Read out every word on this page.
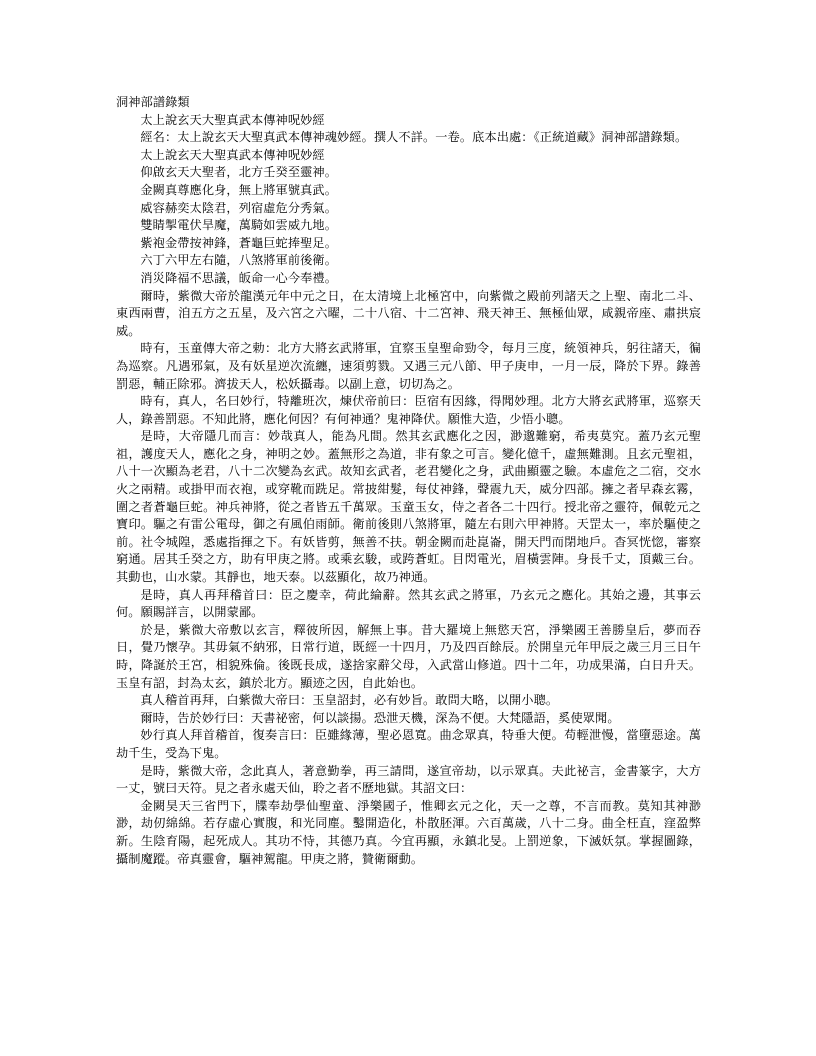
洞神部譜錄類

太上說玄天大聖真武本傳神呪妙經

經名：太上說玄天大聖真武本傳神魂妙經。撰人不詳。一卷。底本出處：《正統道藏》洞神部譜錄類。

太上說玄天大聖真武本傳神呪妙經

仰啟玄天大聖者，北方壬癸至靈神。

金闕真尊應化身，無上將軍號真武。

威容赫奕太陰君，列宿虛危分秀氣。

雙睛掣電伏旱魔，萬騎如雲威九地。

紫袍金帶按神鋒，蒼龜巨蛇捧聖足。

六丁六甲左右隨，八煞將軍前後衛。

消災降福不思議，皈命一心今奉禮。

爾時，紫微大帝於龍漢元年中元之日，在太清境上北極宮中，向紫微之殿前列諸天之上聖、南北二斗、東西兩曹，洎五方之五星，及六宮之六曜，二十八宿、十二宮神、飛天神王、無極仙眾，咸親帝座、肅拱宸威。

時有，玉童傳大帝之勅：北方大將玄武將軍，宜察玉皇聖命勁令，每月三度，統領神兵，躬往諸天，徧為巡察。凡遇邪氣，及有妖星逆次流纏，速須剪戮。又遇三元八節、甲子庚申，一月一辰，降於下界。錄善罰惡，輔正除邪。濟拔天人，松妖攝毒。以副上意，切切為之。

時有，真人，名曰妙行，特離班次，煉伏帝前曰：臣宿有因緣，得聞妙理。北方大將玄武將軍，巡察天人，錄善罰惡。不知此將，應化何因？有何神通？鬼神降伏。願惟大造，少悟小聰。

是時，大帝隱几而言：妙哉真人，能為凡間。然其玄武應化之因，渺邈難窮，希夷莫究。蓋乃玄元聖祖，護度天人，應化之身，神明之妙。蓋無形之為道，非有象之可言。變化億千，虛無難測。且玄元聖祖，八十一次顯為老君，八十二次變為玄武。故知玄武者，老君變化之身，武曲顯靈之驗。本虛危之二宿，交水火之兩精。或掛甲而衣袍，或穿靴而跣足。常披紺髮，每仗神鋒，聲震九天，威分四部。擁之者早森玄霧，圍之者蒼龜巨蛇。神兵神將，從之者皆五千萬眾。玉童玉女，侍之者各二十四行。授北帝之靈符，佩乾元之寶印。驅之有雷公電母，御之有風伯雨師。衛前後則八煞將軍，隨左右則六甲神將。天罡太一，率於驅使之前。社令城隍，悉處指揮之下。有妖皆剪，無善不扶。朝金闕而赴崑崙，開天門而閉地戶。杳冥恍惚，審察窮通。居其壬癸之方，助有甲庚之將。或乘玄駿，或跨蒼虹。目閃電光，眉橫雲陣。身長千丈，頂戴三台。其動也，山水蒙。其靜也，地天泰。以茲顯化，故乃神通。

是時，真人再拜稽首曰：臣之慶幸，荷此綸辭。然其玄武之將軍，乃玄元之應化。其始之邊，其事云何。願賜詳言，以開蒙鄙。

於是，紫微大帝敷以玄言，釋彼所因，解無上事。昔大羅境上無慾天宮，淨樂國王善勝皇后，夢而吞日，覺乃懷孕。其毋氣不納邪，日常行道，既經一十四月，乃及四百餘辰。於開皇元年甲辰之歲三月三日午時，降誕於王宮，相貌殊倫。後既長成，遂捨家辭父母，入武當山修道。四十二年，功成果滿，白日升天。玉皇有詔，封為太玄，鎮於北方。顯迹之因，自此始也。

真人稽首再拜，白紫微大帝曰：玉皇詔封，必有妙旨。敢問大略，以開小聰。

爾時，告於妙行曰：天書祕密，何以談揚。恐泄天機，深為不便。大梵隱語，奚使眾聞。

妙行真人拜首稽首，復奏言曰：臣雖緣薄，聖必恩寬。曲念眾真，特垂大便。苟輕泄慢，當墮惡途。萬劫千生，受為下鬼。

是時，紫微大帝，念此真人，著意勤拳，再三請問，遂宣帝劫，以示眾真。夫此祕言，金書篆字，大方一丈，號曰天符。見之者永處天仙，聆之者不歷地獄。其詔文曰：

金闕昊天三省門下，牒奉劫學仙聖童、淨樂國子，惟卿玄元之化，天一之尊，不言而教。莫知其神渺渺，劫仞綿綿。若存虛心實腹，和光同塵。鑿開造化，朴散胚渾。六百萬歲，八十二身。曲全枉直，窪盈弊新。生陰育陽，起死成人。其功不恃，其德乃真。今宜再顯，永鎮北旻。上罰逆象，下滅妖氛。掌握圖錄，攝制魔蹤。帝真靈會，驅神駕龍。甲庚之將，贊衛爾動。
